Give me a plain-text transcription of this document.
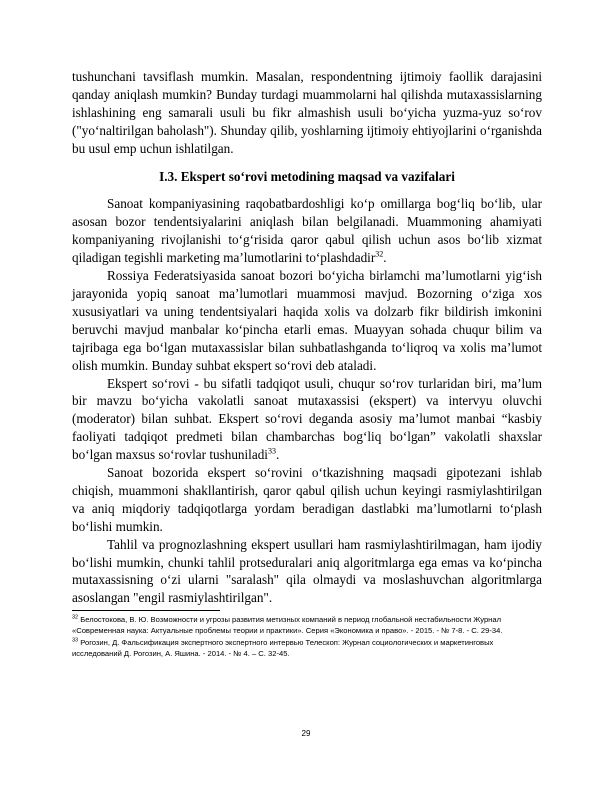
tushunchani tavsiflash mumkin. Masalan, respondentning ijtimoiy faollik darajasini qanday aniqlash mumkin? Bunday turdagi muammolarni hal qilishda mutaxassislarning ishlashining eng samarali usuli bu fikr almashish usuli bo‘yicha yuzma-yuz so‘rov ("yo‘naltirilgan baholash"). Shunday qilib, yoshlarning ijtimoiy ehtiyojlarini o‘rganishda bu usul emp uchun ishlatilgan.

I.3. Ekspert so‘rovi metodining maqsad va vazifalari

Sanoat kompaniyasining raqobatbardoshligi ko‘p omillarga bog‘liq bo‘lib, ular asosan bozor tendentsiyalarini aniqlash bilan belgilanadi. Muammoning ahamiyati kompaniyaning rivojlanishi to‘g‘risida qaror qabul qilish uchun asos bo‘lib xizmat qiladigan tegishli marketing ma’lumotlarini to‘plashdadir$^{32}$.

Rossiya Federatsiyasida sanoat bozori bo‘yicha birlamchi ma’lumotlarni yig‘ish jarayonida yopiq sanoat ma’lumotlari muammosi mavjud. Bozorning o‘ziga xos xususiyatlari va uning tendentsiyalari haqida xolis va dolzarb fikr bildirish imkonini beruvchi mavjud manbalar ko‘pincha etarli emas. Muayyan sohada chuqur bilim va tajribaga ega bo‘lgan mutaxassislar bilan suhbatlashganda to‘liqroq va xolis ma’lumot olish mumkin. Bunday suhbat ekspert so‘rovi deb ataladi.

Ekspert so‘rovi - bu sifatli tadqiqot usuli, chuqur so‘rov turlaridan biri, ma’lum bir mavzu bo‘yicha vakolatli sanoat mutaxassisi (ekspert) va intervyu oluvchi (moderator) bilan suhbat. Ekspert so‘rovi deganda asosiy ma’lumot manbai “kasbiy faoliyati tadqiqot predmeti bilan chambarchas bog‘liq bo‘lgan” vakolatli shaxslar bo‘lgan maxsus so‘rovlar tushuniladi$^{33}$.

Sanoat bozorida ekspert so‘rovini o‘tkazishning maqsadi gipotezani ishlab chiqish, muammoni shakllantirish, qaror qabul qilish uchun keyingi rasmiylashtirilgan va aniq miqdoriy tadqiqotlarga yordam beradigan dastlabki ma’lumotlarni to‘plash bo‘lishi mumkin.

Tahlil va prognozlashning ekspert usullari ham rasmiylashtirilmagan, ham ijodiy bo‘lishi mumkin, chunki tahlil protseduralari aniq algoritmlarga ega emas va ko‘pincha mutaxassisning o‘zi ularni "saralash" qila olmaydi va moslashuvchan algoritmlarga asoslangan "engil rasmiylashtirilgan".

$^{32}$ Белостокова, В. Ю. Возможности и угрозы развития метизных компаний в период глобальной нестабильности Журнал «Современная наука: Актуальные проблемы теории и практики». Серия «Экономика и право». - 2015. - № 7-8. - С. 29-34.

$^{33}$ Рогозин, Д. Фальсификация экспертного экспертного интервью Телескоп: Журнал социологических и маркетинговых исследований Д. Рогозин, А. Яшина. - 2014. - № 4. – С. 32-45.

29
